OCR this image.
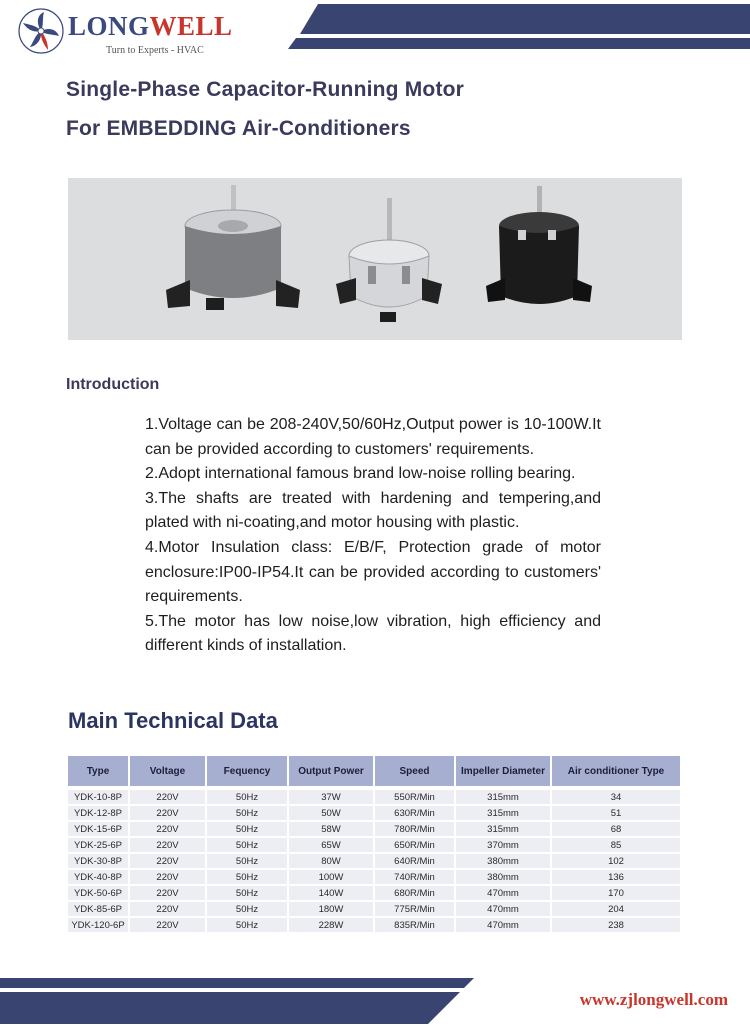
LONGWELL
Turn to Experts - HVAC
Single-Phase Capacitor-Running Motor
For EMBEDDING Air-Conditioners
Introduction

1.Voltage can be 208-240V,50/60Hz,Output power is 10-100W.It can be provided according to customers' requirements.

2.Adopt international famous brand low-noise rolling bearing.

3.The shafts are treated with hardening and tempering,and plated with ni-coating,and motor housing with plastic.

4.Motor Insulation class: E/B/F, Protection grade of motor enclosure:IP00-IP54.It can be provided according to customers' requirements.

5.The motor has low noise,low vibration, high efficiency and different kinds of installation.

Main Technical Data
Type	Voltage	Fequency	Output Power	Speed	Impeller Diameter	Air conditioner Type
YDK-10-8P	220V	50Hz	37W	550R/Min	315mm	34
YDK-12-8P	220V	50Hz	50W	630R/Min	315mm	51
YDK-15-6P	220V	50Hz	58W	780R/Min	315mm	68
YDK-25-6P	220V	50Hz	65W	650R/Min	370mm	85
YDK-30-8P	220V	50Hz	80W	640R/Min	380mm	102
YDK-40-8P	220V	50Hz	100W	740R/Min	380mm	136
YDK-50-6P	220V	50Hz	140W	680R/Min	470mm	170
YDK-85-6P	220V	50Hz	180W	775R/Min	470mm	204
YDK-120-6P	220V	50Hz	228W	835R/Min	470mm	238
www.zjlongwell.com
